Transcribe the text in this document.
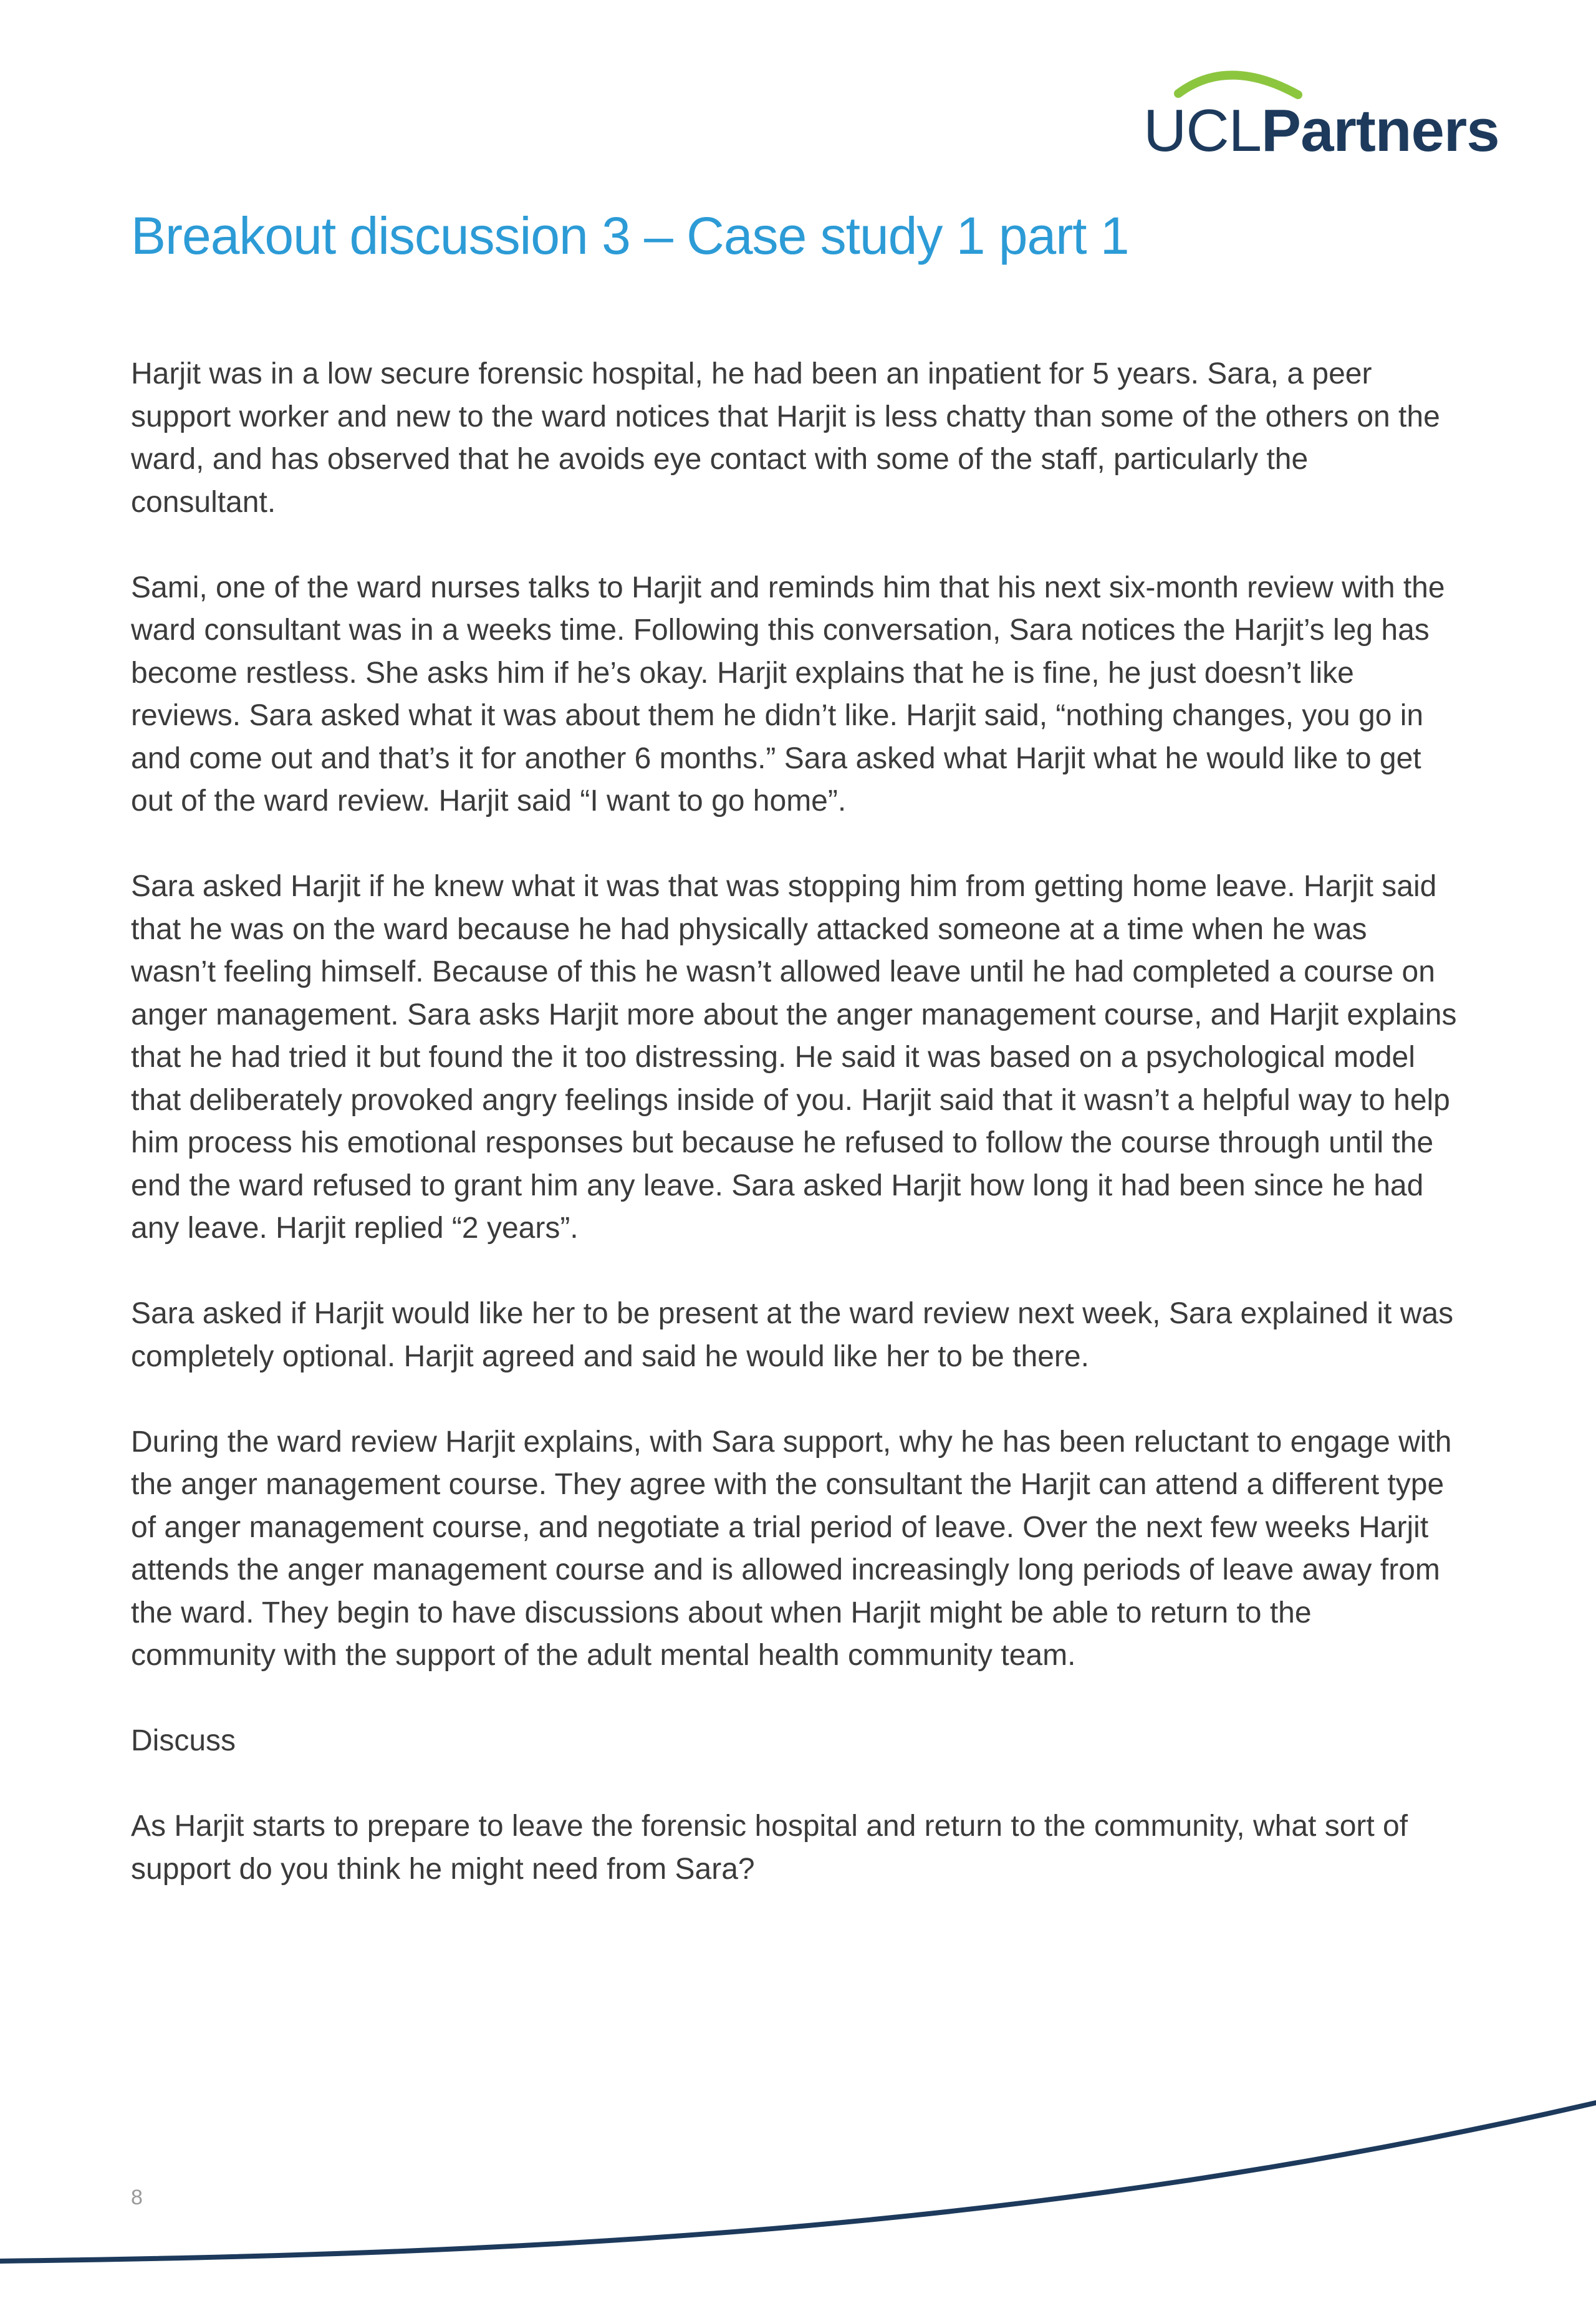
UCLPartners
Breakout discussion 3 – Case study 1 part 1

Harjit was in a low secure forensic hospital, he had been an inpatient for 5 years. Sara, a peer support worker and new to the ward notices that Harjit is less chatty than some of the others on the ward, and has observed that he avoids eye contact with some of the staff, particularly the consultant.

Sami, one of the ward nurses talks to Harjit and reminds him that his next six-month review with the ward consultant was in a weeks time. Following this conversation, Sara notices the Harjit’s leg has become restless. She asks him if he’s okay. Harjit explains that he is fine, he just doesn’t like reviews. Sara asked what it was about them he didn’t like. Harjit said, “nothing changes, you go in and come out and that’s it for another 6 months.” Sara asked what Harjit what he would like to get out of the ward review. Harjit said “I want to go home”.

Sara asked Harjit if he knew what it was that was stopping him from getting home leave. Harjit said that he was on the ward because he had physically attacked someone at a time when he was wasn’t feeling himself. Because of this he wasn’t allowed leave until he had completed a course on anger management. Sara asks Harjit more about the anger management course, and Harjit explains that he had tried it but found the it too distressing. He said it was based on a psychological model that deliberately provoked angry feelings inside of you. Harjit said that it wasn’t a helpful way to help him process his emotional responses but because he refused to follow the course through until the end the ward refused to grant him any leave. Sara asked Harjit how long it had been since he had any leave. Harjit replied “2 years”.

Sara asked if Harjit would like her to be present at the ward review next week, Sara explained it was completely optional. Harjit agreed and said he would like her to be there.

During the ward review Harjit explains, with Sara support, why he has been reluctant to engage with the anger management course. They agree with the consultant the Harjit can attend a different type of anger management course, and negotiate a trial period of leave. Over the next few weeks Harjit attends the anger management course and is allowed increasingly long periods of leave away from the ward. They begin to have discussions about when Harjit might be able to return to the community with the support of the adult mental health community team.

Discuss

As Harjit starts to prepare to leave the forensic hospital and return to the community, what sort of support do you think he might need from Sara?

8
